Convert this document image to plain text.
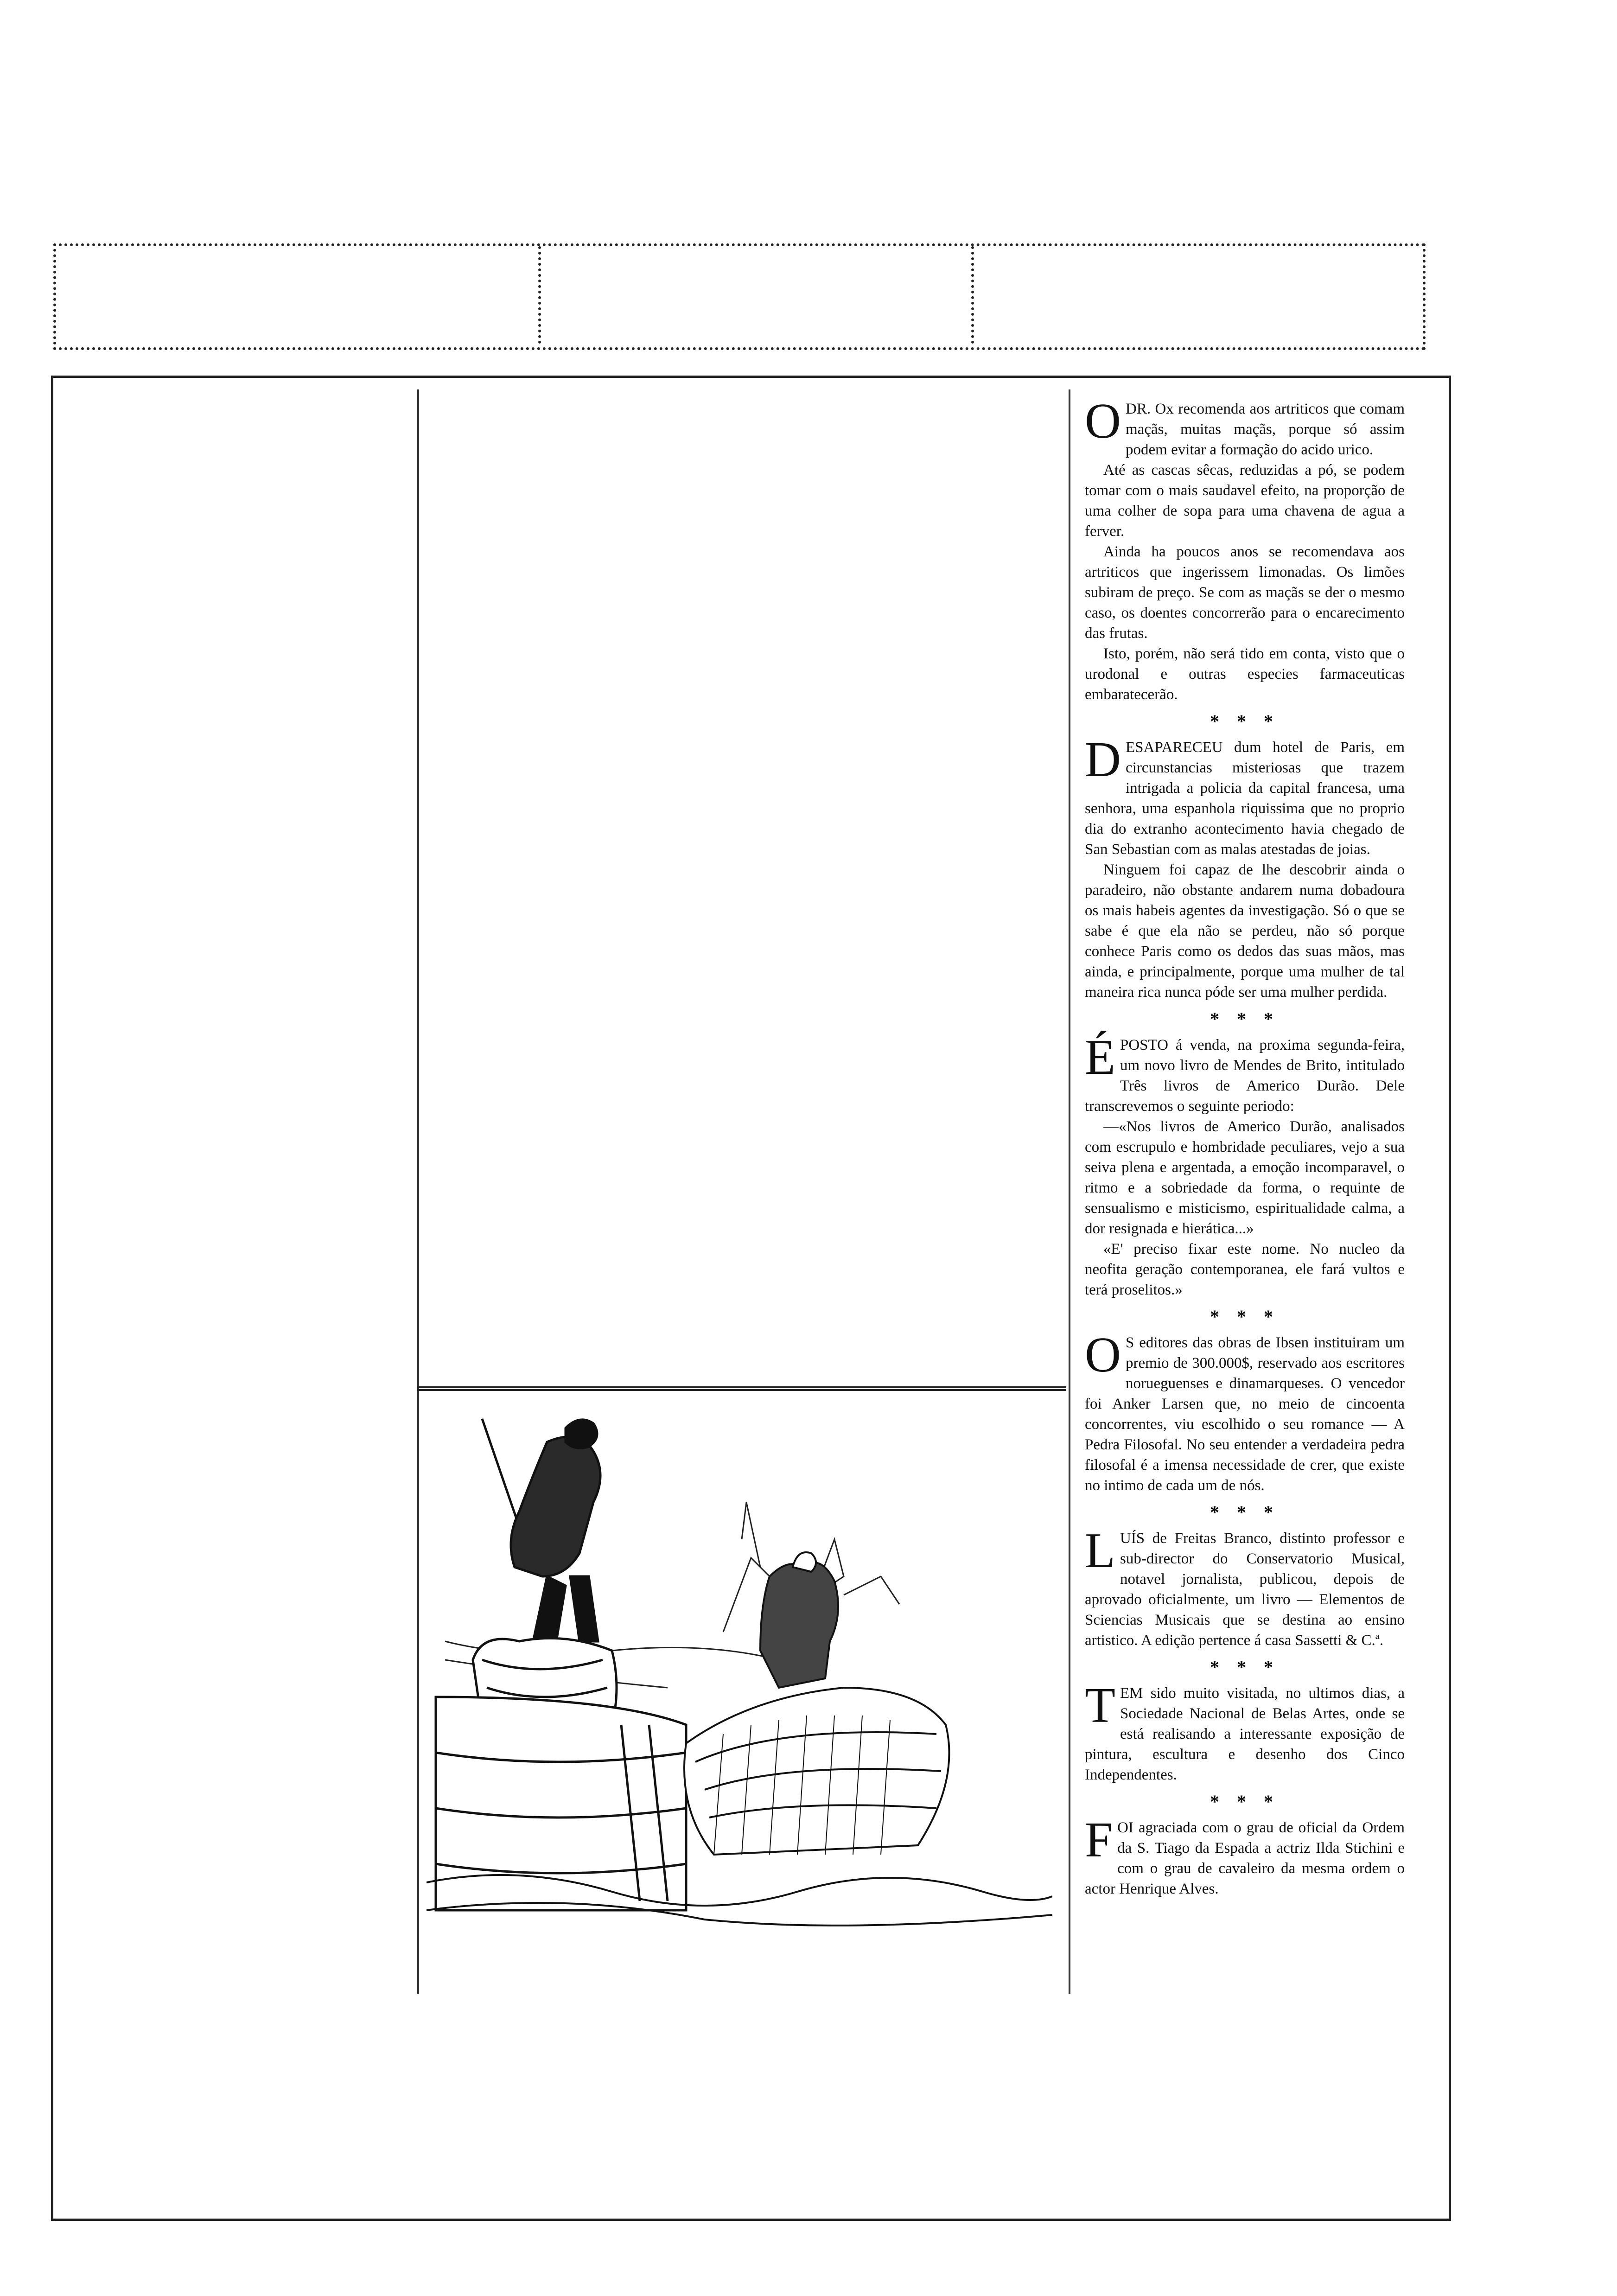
ODR. Ox recomenda aos artriticos que comam maçãs, muitas maçãs, porque só assim podem evitar a formação do acido urico.

Até as cascas sêcas, reduzidas a pó, se podem tomar com o mais saudavel efeito, na proporção de uma colher de sopa para uma chavena de agua a ferver.

Ainda ha poucos anos se recomendava aos artriticos que ingerissem limonadas. Os limões subiram de preço. Se com as maçãs se der o mesmo caso, os doentes concorrerão para o encarecimento das frutas.

Isto, porém, não será tido em conta, visto que o urodonal e outras especies farmaceuticas embaratecerão.

* * *

DESAPARECEU dum hotel de Paris, em circunstancias misteriosas que trazem intrigada a policia da capital francesa, uma senhora, uma espanhola riquissima que no proprio dia do extranho acontecimento havia chegado de San Sebastian com as malas atestadas de joias.

Ninguem foi capaz de lhe descobrir ainda o paradeiro, não obstante andarem numa dobadoura os mais habeis agentes da investigação. Só o que se sabe é que ela não se perdeu, não só porque conhece Paris como os dedos das suas mãos, mas ainda, e principalmente, porque uma mulher de tal maneira rica nunca póde ser uma mulher perdida.

* * *

ÉPOSTO á venda, na proxima segunda-feira, um novo livro de Mendes de Brito, intitulado Três livros de Americo Durão. Dele transcrevemos o seguinte periodo:

—«Nos livros de Americo Durão, analisados com escrupulo e hombridade peculiares, vejo a sua seiva plena e argentada, a emoção incomparavel, o ritmo e a sobriedade da forma, o requinte de sensualismo e misticismo, espiritualidade calma, a dor resignada e hierática...»

«E' preciso fixar este nome. No nucleo da neofita geração contemporanea, ele fará vultos e terá proselitos.»

* * *

O S editores das obras de Ibsen instituiram um premio de 300.000$, reservado aos escritores norueguenses e dinamarqueses. O vencedor foi Anker Larsen que, no meio de cincoenta concorrentes, viu escolhido o seu romance — A Pedra Filosofal. No seu entender a verdadeira pedra filosofal é a imensa necessidade de crer, que existe no intimo de cada um de nós.

* * *

LUÍS de Freitas Branco, distinto professor e sub-director do Conservatorio Musical, notavel jornalista, publicou, depois de aprovado oficialmente, um livro — Elementos de Sciencias Musicais que se destina ao ensino artistico. A edição pertence á casa Sassetti & C.ª.

* * *

TEM sido muito visitada, no ultimos dias, a Sociedade Nacional de Belas Artes, onde se está realisando a interessante exposição de pintura, escultura e desenho dos Cinco Independentes.

* * *

FOI agraciada com o grau de oficial da Ordem da S. Tiago da Espada a actriz Ilda Stichini e com o grau de cavaleiro da mesma ordem o actor Henrique Alves.
